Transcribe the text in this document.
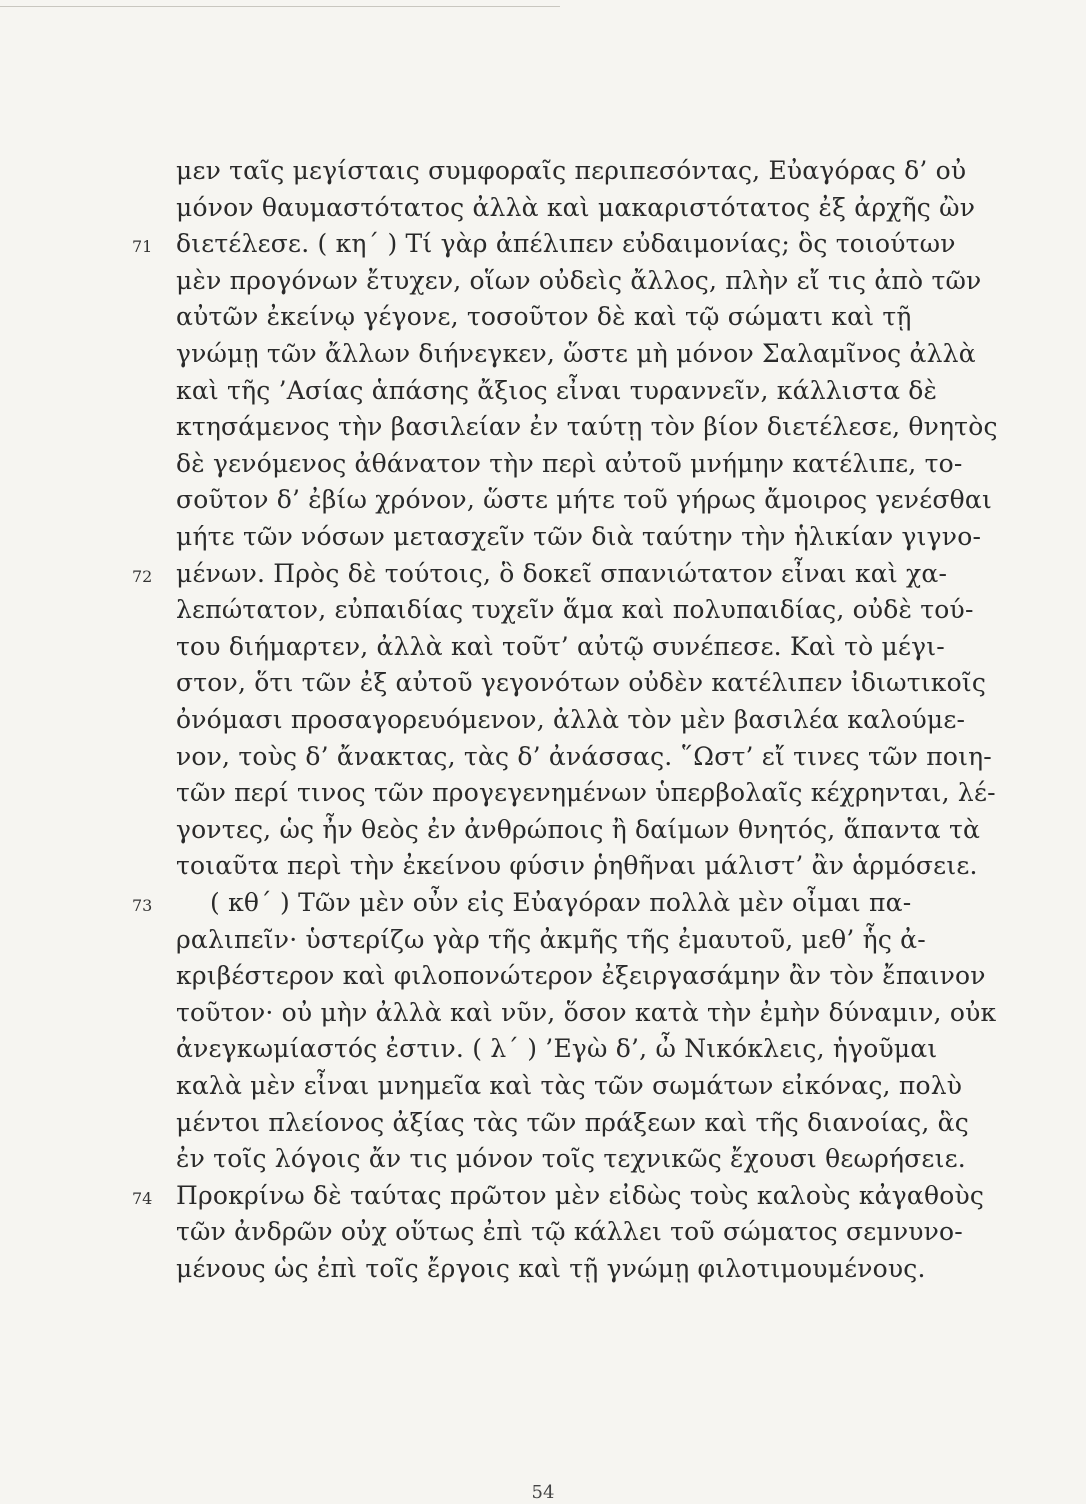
μεν ταῖς μεγίσταις συμφοραῖς περιπεσόντας, Εὐαγόρας δ’ οὐ
μόνον θαυμαστότατος ἀλλὰ καὶ μακαριστότατος ἐξ ἀρχῆς ὢν
διετέλεσε. ( κη΄ ) Τί γὰρ ἀπέλιπεν εὐδαιμονίας; ὃς τοιούτων
71
μὲν προγόνων ἔτυχεν, οἵων οὐδεὶς ἄλλος, πλὴν εἴ τις ἀπὸ τῶν
αὐτῶν ἐκείνῳ γέγονε, τοσοῦτον δὲ καὶ τῷ σώματι καὶ τῇ
γνώμῃ τῶν ἄλλων διήνεγκεν, ὥστε μὴ μόνον Σαλαμῖνος ἀλλὰ
καὶ τῆς ’Ασίας ἁπάσης ἄξιος εἶναι τυραννεῖν, κάλλιστα δὲ
κτησάμενος τὴν βασιλείαν ἐν ταύτῃ τὸν βίον διετέλεσε, θνητὸς
δὲ γενόμενος ἀθάνατον τὴν περὶ αὐτοῦ μνήμην κατέλιπε, το-
σοῦτον δ’ ἐβίω χρόνον, ὥστε μήτε τοῦ γήρως ἄμοιρος γενέσθαι
μήτε τῶν νόσων μετασχεῖν τῶν διὰ ταύτην τὴν ἡλικίαν γιγνο-
μένων. Πρὸς δὲ τούτοις, ὃ δοκεῖ σπανιώτατον εἶναι καὶ χα-
72
λεπώτατον, εὐπαιδίας τυχεῖν ἅμα καὶ πολυπαιδίας, οὐδὲ τού-
του διήμαρτεν, ἀλλὰ καὶ τοῦτ’ αὐτῷ συνέπεσε. Καὶ τὸ μέγι-
στον, ὅτι τῶν ἐξ αὐτοῦ γεγονότων οὐδὲν κατέλιπεν ἰδιωτικοῖς
ὀνόμασι προσαγορευόμενον, ἀλλὰ τὸν μὲν βασιλέα καλούμε-
νον, τοὺς δ’ ἄνακτας, τὰς δ’ ἀνάσσας. ῞Ωστ’ εἴ τινες τῶν ποιη-
τῶν περί τινος τῶν προγεγενημένων ὑπερβολαῖς κέχρηνται, λέ-
γοντες, ὡς ἦν θεὸς ἐν ἀνθρώποις ἢ δαίμων θνητός, ἅπαντα τὰ
τοιαῦτα περὶ τὴν ἐκείνου φύσιν ῥηθῆναι μάλιστ’ ἂν ἁρμόσειε.
( κθ΄ ) Τῶν μὲν οὖν εἰς Εὐαγόραν πολλὰ μὲν οἶμαι πα-
73
ραλιπεῖν· ὑστερίζω γὰρ τῆς ἀκμῆς τῆς ἐμαυτοῦ, μεθ’ ἧς ἀ-
κριβέστερον καὶ φιλοπονώτερον ἐξειργασάμην ἂν τὸν ἔπαινον
τοῦτον· οὐ μὴν ἀλλὰ καὶ νῦν, ὅσον κατὰ τὴν ἐμὴν δύναμιν, οὐκ
ἀνεγκωμίαστός ἐστιν. ( λ΄ ) ’Εγὼ δ’, ὦ Νικόκλεις, ἡγοῦμαι
καλὰ μὲν εἶναι μνημεῖα καὶ τὰς τῶν σωμάτων εἰκόνας, πολὺ
μέντοι πλείονος ἀξίας τὰς τῶν πράξεων καὶ τῆς διανοίας, ἃς
ἐν τοῖς λόγοις ἄν τις μόνον τοῖς τεχνικῶς ἔχουσι θεωρήσειε.
Προκρίνω δὲ ταύτας πρῶτον μὲν εἰδὼς τοὺς καλοὺς κἀγαθοὺς
74
τῶν ἀνδρῶν οὐχ οὕτως ἐπὶ τῷ κάλλει τοῦ σώματος σεμνυνο-
μένους ὡς ἐπὶ τοῖς ἔργοις καὶ τῇ γνώμῃ φιλοτιμουμένους.
54
